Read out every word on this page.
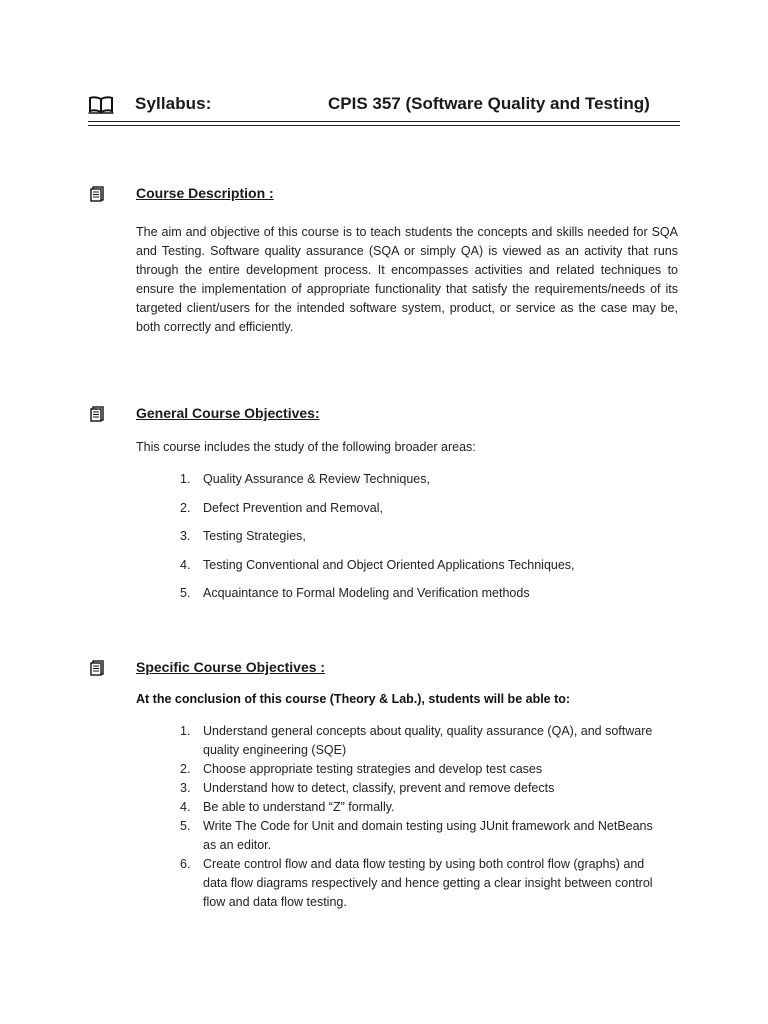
Syllabus:	CPIS 357 (Software Quality and Testing)
Course Description :
The aim and objective of this course is to teach students the concepts and skills needed for SQA and Testing. Software quality assurance (SQA or simply QA) is viewed as an activity that runs through the entire development process. It encompasses activities and related techniques to ensure the implementation of appropriate functionality that satisfy the requirements/needs of its targeted client/users for the intended software system, product, or service as the case may be, both correctly and efficiently.
General Course Objectives:
This course includes the study of the following broader areas:
1. Quality Assurance & Review Techniques,
2. Defect Prevention and Removal,
3. Testing Strategies,
4. Testing Conventional and Object Oriented Applications Techniques,
5. Acquaintance to Formal Modeling and Verification methods
Specific Course Objectives :
At the conclusion of this course (Theory & Lab.), students will be able to:
1. Understand general concepts about quality, quality assurance (QA), and software quality engineering (SQE)
2. Choose appropriate testing strategies and develop test cases
3. Understand how to detect, classify, prevent and remove defects
4. Be able to understand “Z” formally.
5. Write The Code for Unit and domain testing using JUnit framework and NetBeans as an editor.
6. Create control flow and data flow testing by using both control flow (graphs) and data flow diagrams respectively and hence getting a clear insight between control flow and data flow testing.
